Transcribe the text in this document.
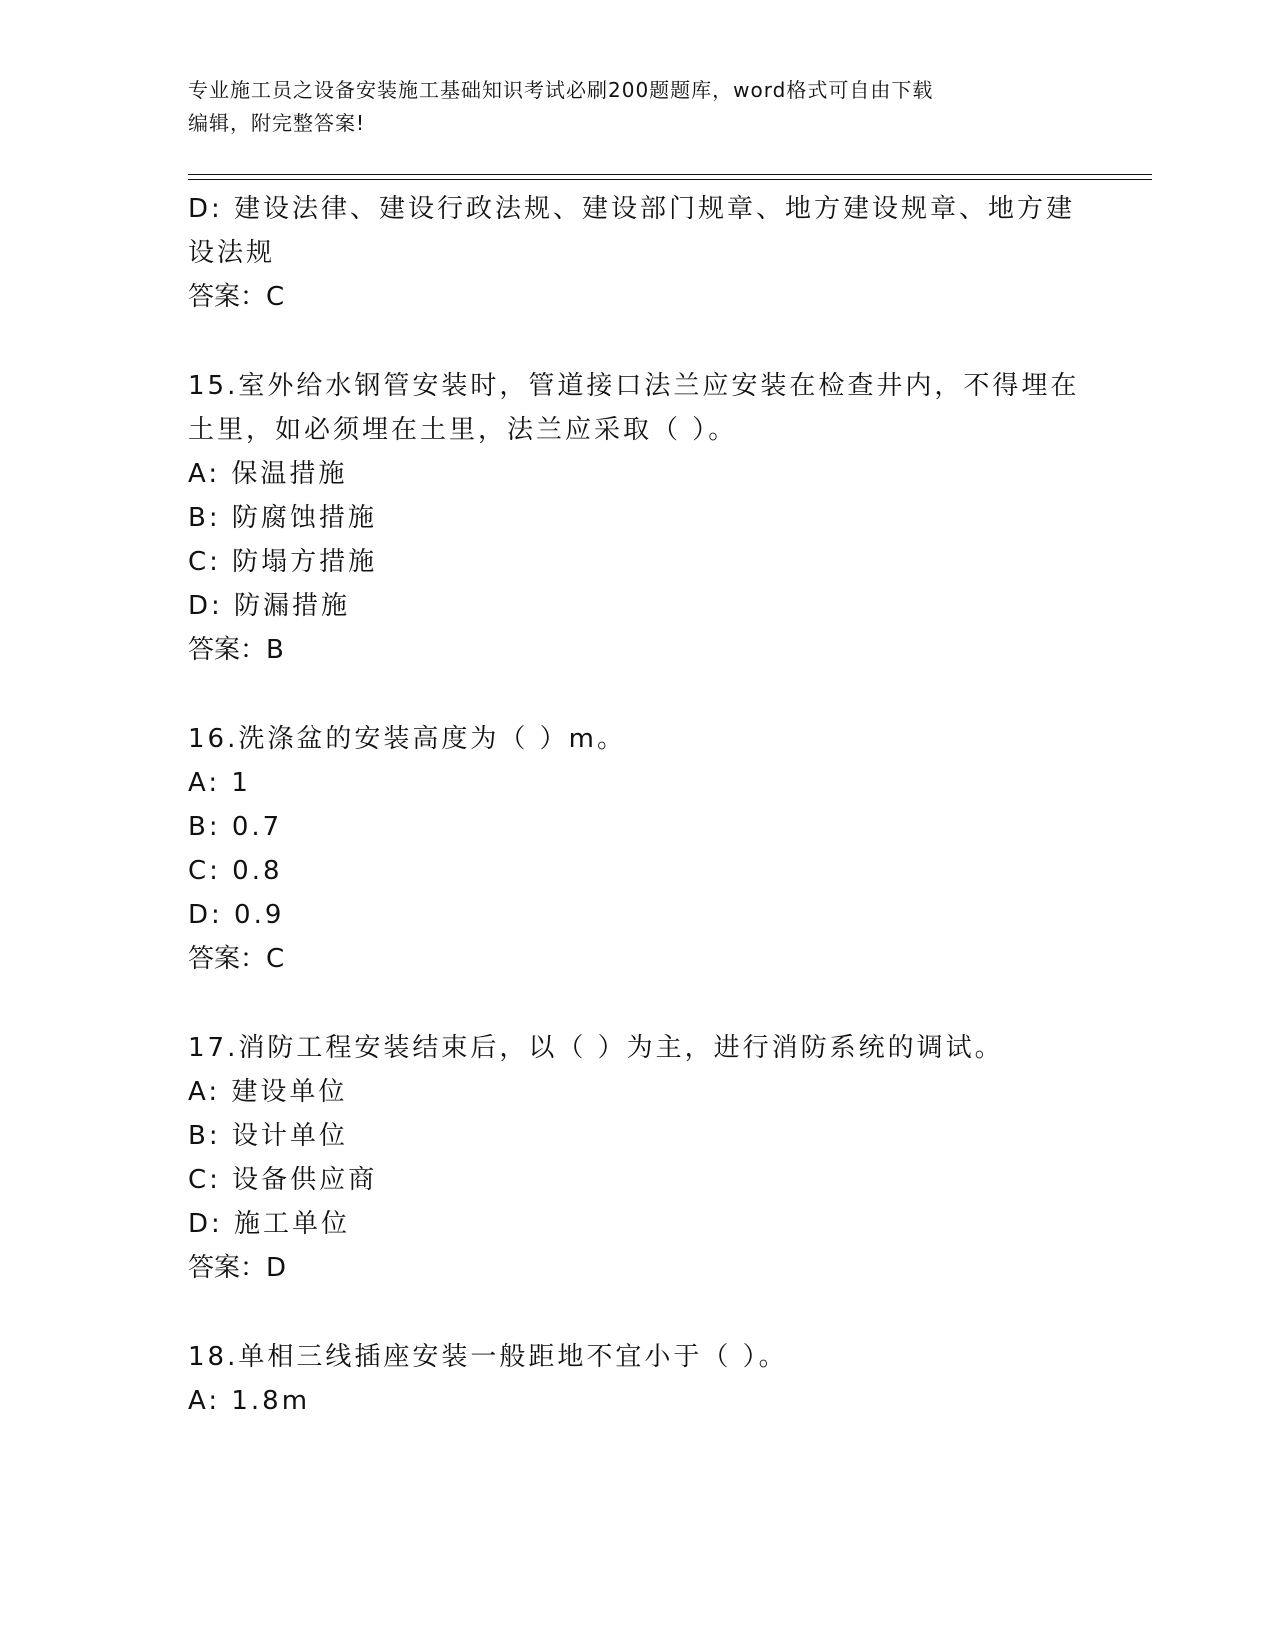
专业施工员之设备安装施工基础知识考试必刷200题题库，word格式可自由下载
编辑，附完整答案!
D: 建设法律、建设行政法规、建设部门规章、地方建设规章、地方建
设法规
答案：C
15.室外给水钢管安装时，管道接口法兰应安装在检查井内，不得埋在
土里，如必须埋在土里，法兰应采取（ ）。
A: 保温措施
B: 防腐蚀措施
C: 防塌方措施
D: 防漏措施
答案：B
16.洗涤盆的安装高度为（ ）m。
A: 1
B: 0.7
C: 0.8
D: 0.9
答案：C
17.消防工程安装结束后，以（ ）为主，进行消防系统的调试。
A: 建设单位
B: 设计单位
C: 设备供应商
D: 施工单位
答案：D
18.单相三线插座安装一般距地不宜小于（ ）。
A: 1.8m
